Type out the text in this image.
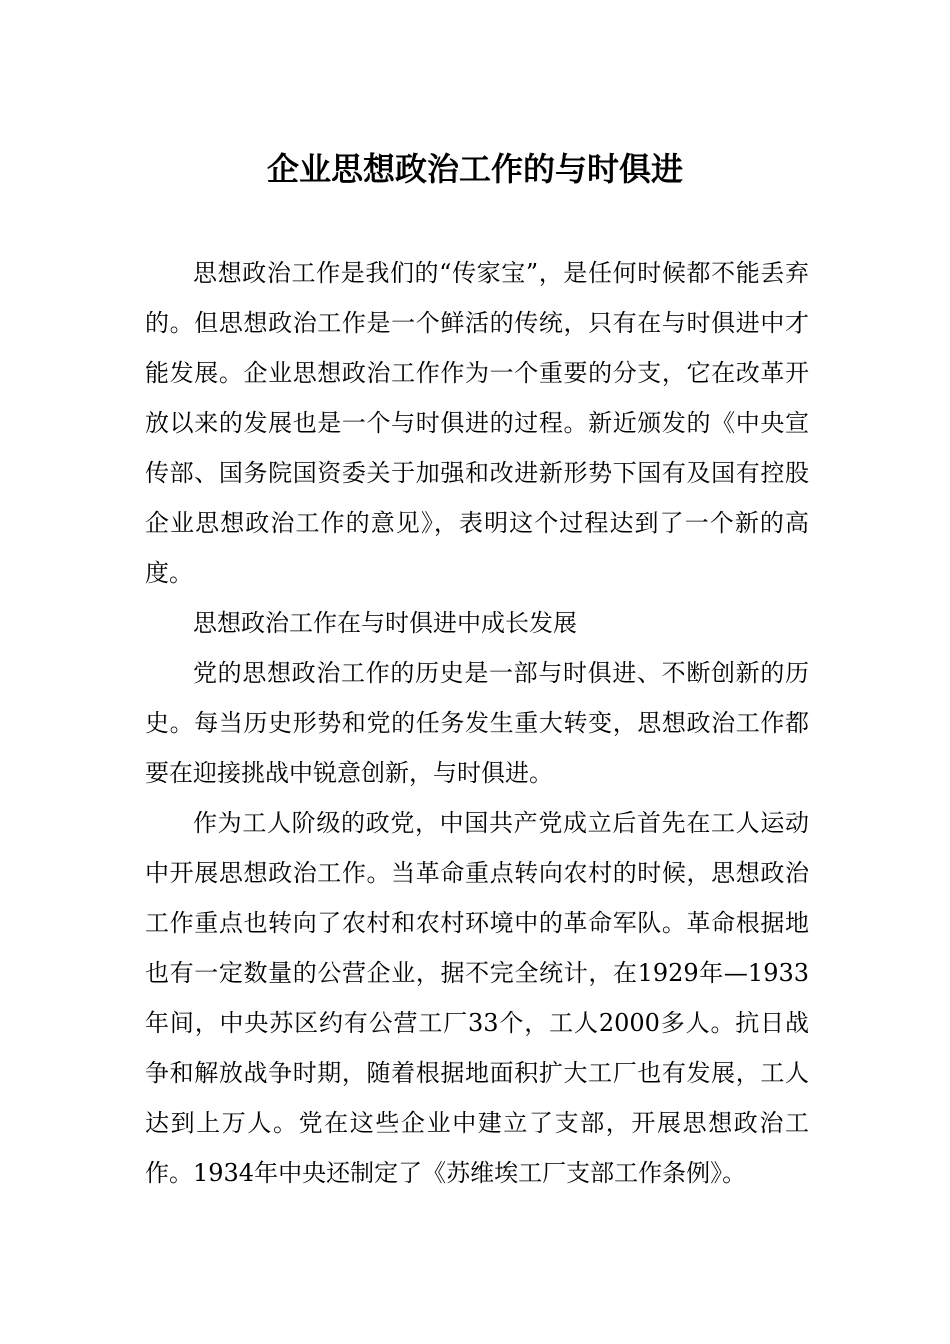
企业思想政治工作的与时俱进

思想政治工作是我们的“传家宝”，是任何时候都不能丢弃的。但思想政治工作是一个鲜活的传统，只有在与时俱进中才能发展。企业思想政治工作作为一个重要的分支，它在改革开放以来的发展也是一个与时俱进的过程。新近颁发的《中央宣传部、国务院国资委关于加强和改进新形势下国有及国有控股企业思想政治工作的意见》，表明这个过程达到了一个新的高度。

思想政治工作在与时俱进中成长发展

党的思想政治工作的历史是一部与时俱进、不断创新的历史。每当历史形势和党的任务发生重大转变，思想政治工作都要在迎接挑战中锐意创新，与时俱进。

作为工人阶级的政党，中国共产党成立后首先在工人运动中开展思想政治工作。当革命重点转向农村的时候，思想政治工作重点也转向了农村和农村环境中的革命军队。革命根据地也有一定数量的公营企业，据不完全统计，在1929年—1933年间，中央苏区约有公营工厂33个，工人2000多人。抗日战争和解放战争时期，随着根据地面积扩大工厂也有发展，工人达到上万人。党在这些企业中建立了支部，开展思想政治工作。1934年中央还制定了《苏维埃工厂支部工作条例》。
